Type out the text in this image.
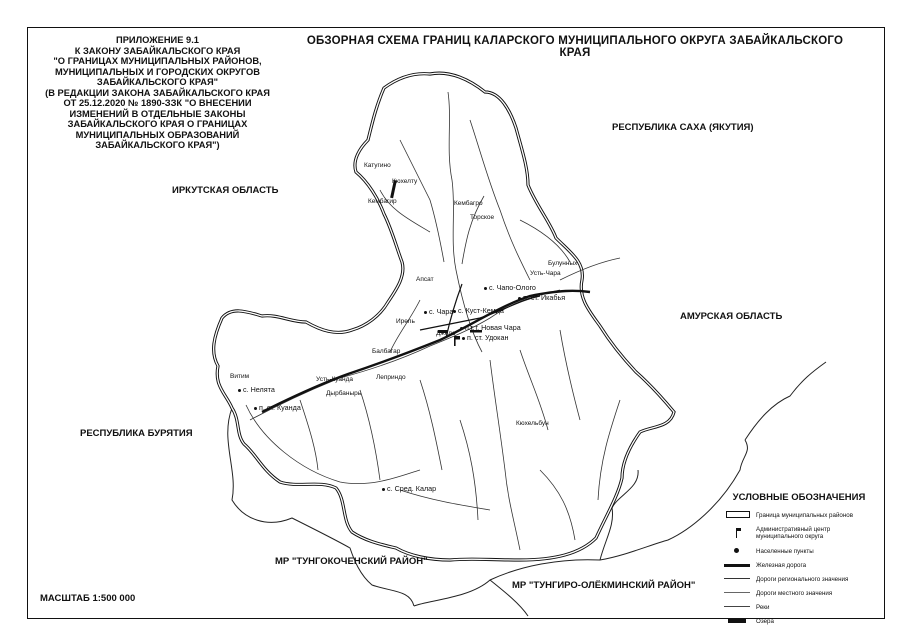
ОБЗОРНАЯ СХЕМА ГРАНИЦ КАЛАРСКОГО МУНИЦИПАЛЬНОГО ОКРУГА ЗАБАЙКАЛЬСКОГО КРАЯ
ПРИЛОЖЕНИЕ 9.1
К ЗАКОНУ ЗАБАЙКАЛЬСКОГО КРАЯ
"О ГРАНИЦАХ МУНИЦИПАЛЬНЫХ РАЙОНОВ,
МУНИЦИПАЛЬНЫХ И ГОРОДСКИХ ОКРУГОВ
ЗАБАЙКАЛЬСКОГО КРАЯ"
(В РЕДАКЦИИ ЗАКОНА ЗАБАЙКАЛЬСКОГО КРАЯ
ОТ 25.12.2020 № 1890-ЗЗК "О ВНЕСЕНИИ
ИЗМЕНЕНИЙ В ОТДЕЛЬНЫЕ ЗАКОНЫ
ЗАБАЙКАЛЬСКОГО КРАЯ О ГРАНИЦАХ
МУНИЦИПАЛЬНЫХ ОБРАЗОВАНИЙ
ЗАБАЙКАЛЬСКОГО КРАЯ")
ИРКУТСКАЯ ОБЛАСТЬ
РЕСПУБЛИКА САХА (ЯКУТИЯ)
АМУРСКАЯ ОБЛАСТЬ
РЕСПУБЛИКА БУРЯТИЯ
МР "ТУНГОКОЧЕНСКИЙ РАЙОН"
МР "ТУНГИРО-ОЛЁКМИНСКИЙ РАЙОН"
с. Чара
п.г.т. Новая Чара
п. ст. Удокан
с. Куст-Кемда
с. Чапо-Олого
п. ст. Икабья
с. Нелята
п. ст. Куанда
с. Сред. Калар
Катугино
Кюхелту
Кембагир
Торское
Кембагро
Булунных
Апсат
Усть-Чара
Ирель
Джело
Балбагар
Леприндо
Усть-Куанда
Витим
Дырбанырь
Кюхельбун
УСЛОВНЫЕ ОБОЗНАЧЕНИЯ
Граница муниципальных районов
Административный центр муниципального округа
Населенные пункты
Железная дорога
Дороги регионального значения
Дороги местного значения
Реки
Озера
МАСШТАБ 1:500 000
